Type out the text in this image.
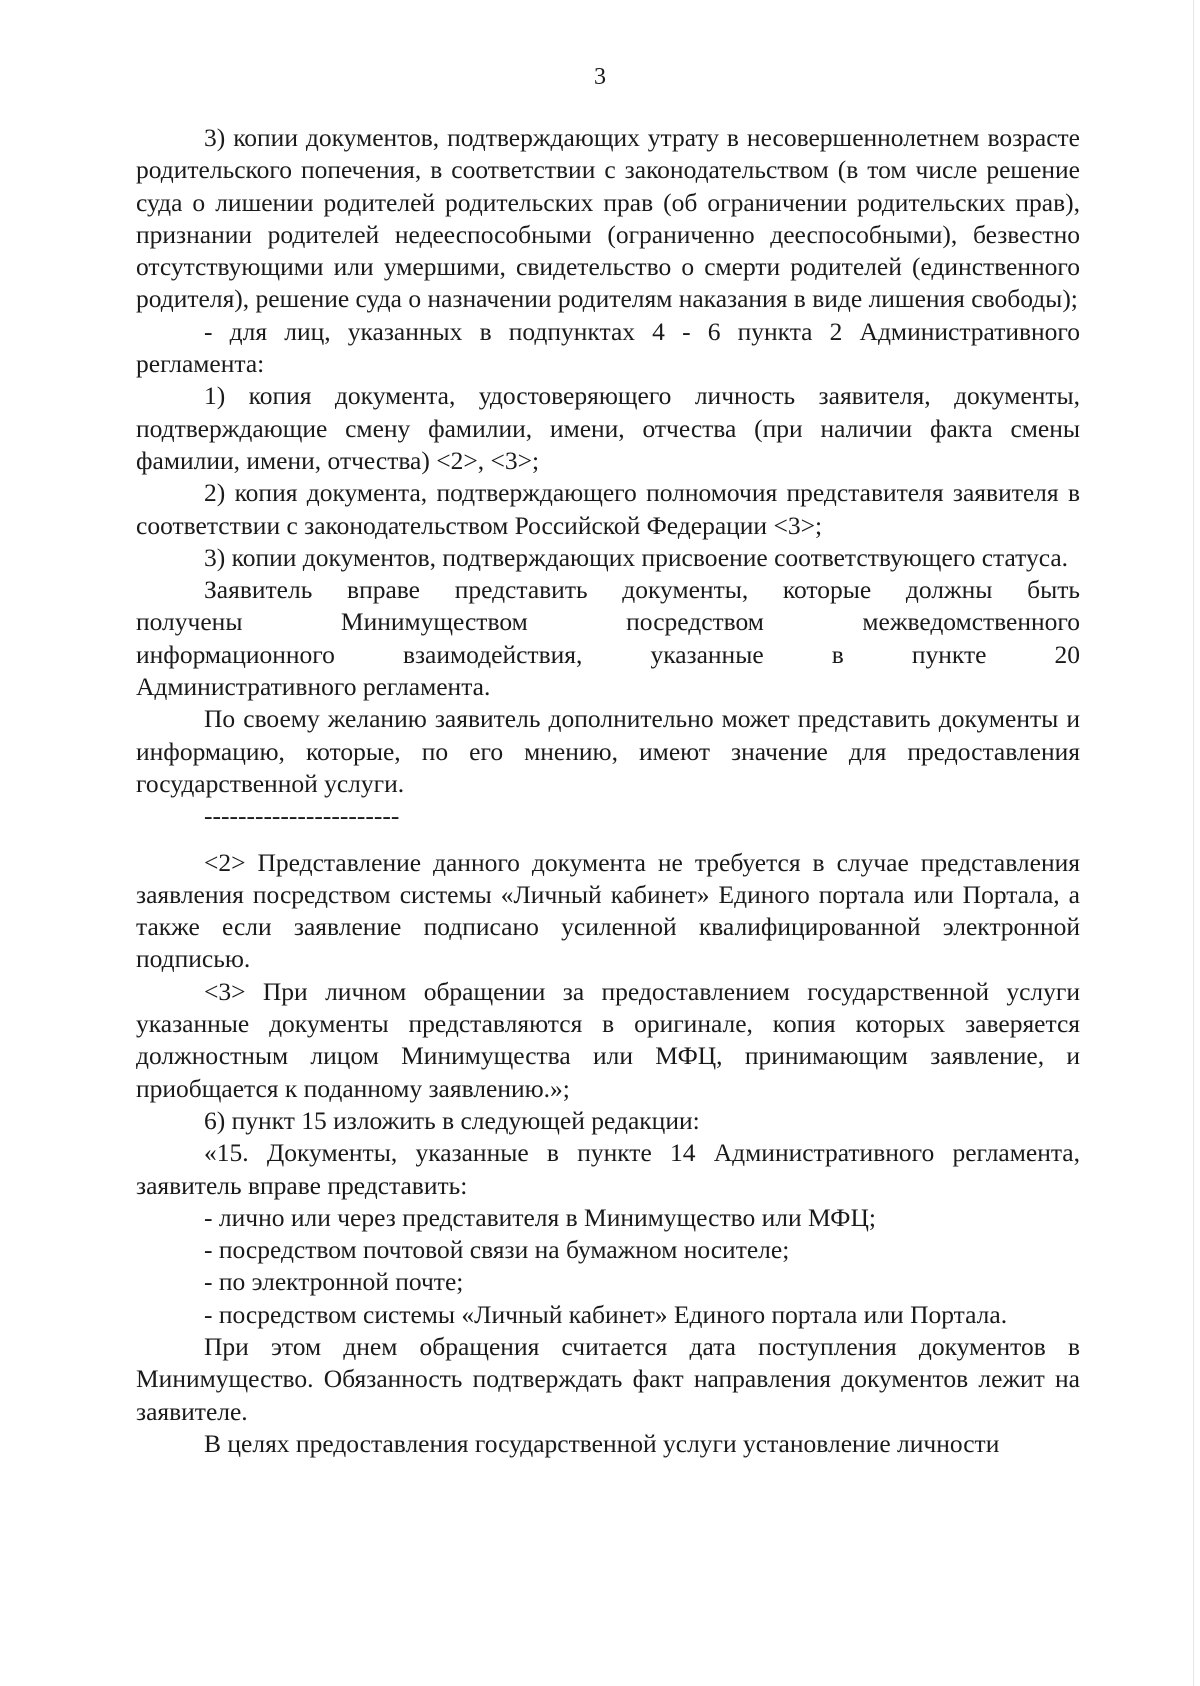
3

3) копии документов, подтверждающих утрату в несовершеннолетнем возрасте родительского попечения, в соответствии с законодательством (в том числе решение суда о лишении родителей родительских прав (об ограничении родительских прав), признании родителей недееспособными (ограниченно дееспособными), безвестно отсутствующими или умершими, свидетельство о смерти родителей (единственного родителя), решение суда о назначении родителям наказания в виде лишения свободы);

- для лиц, указанных в подпунктах 4 - 6 пункта 2 Административного регламента:

1) копия документа, удостоверяющего личность заявителя, документы, подтверждающие смену фамилии, имени, отчества (при наличии факта смены фамилии, имени, отчества) <2>, <3>;

2) копия документа, подтверждающего полномочия представителя заявителя в соответствии с законодательством Российской Федерации <3>;

3) копии документов, подтверждающих присвоение соответствующего статуса.

Заявитель вправе представить документы, которые должны быть

получены Минимуществом посредством межведомственного

информационного взаимодействия, указанные в пункте 20

Административного регламента.

По своему желанию заявитель дополнительно может представить документы и информацию, которые, по его мнению, имеют значение для предоставления государственной услуги.

-----------------------

<2> Представление данного документа не требуется в случае представления заявления посредством системы «Личный кабинет» Единого портала или Портала, а также если заявление подписано усиленной квалифицированной электронной подписью.

<3> При личном обращении за предоставлением государственной услуги указанные документы представляются в оригинале, копия которых заверяется должностным лицом Минимущества или МФЦ, принимающим заявление, и приобщается к поданному заявлению.»;

6) пункт 15 изложить в следующей редакции:

«15. Документы, указанные в пункте 14 Административного регламента, заявитель вправе представить:

- лично или через представителя в Минимущество или МФЦ;

- посредством почтовой связи на бумажном носителе;

- по электронной почте;

- посредством системы «Личный кабинет» Единого портала или Портала.

При этом днем обращения считается дата поступления документов в Минимущество. Обязанность подтверждать факт направления документов лежит на заявителе.

В целях предоставления государственной услуги установление личности
